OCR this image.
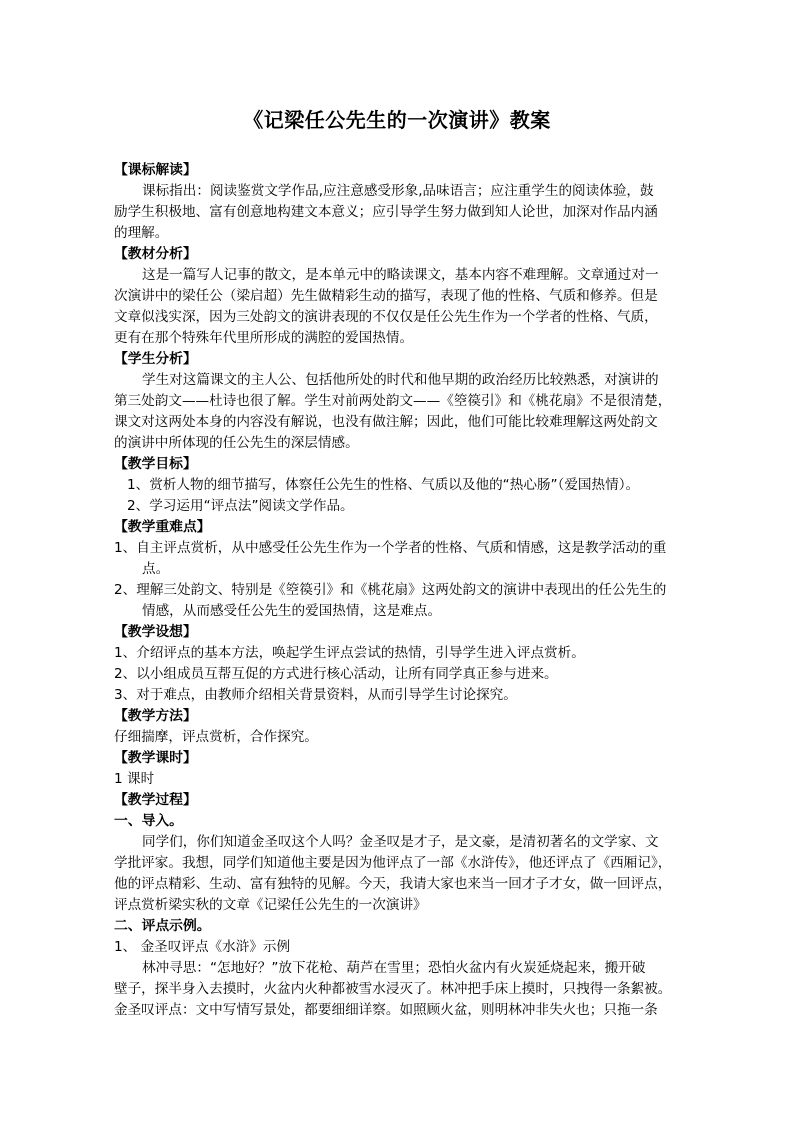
《记梁任公先生的一次演讲》教案
【课标解读】
课标指出：阅读鉴赏文学作品,应注意感受形象,品味语言；应注重学生的阅读体验，鼓
励学生积极地、富有创意地构建文本意义；应引导学生努力做到知人论世，加深对作品内涵
的理解。
【教材分析】
这是一篇写人记事的散文，是本单元中的略读课文，基本内容不难理解。文章通过对一
次演讲中的梁任公（梁启超）先生做精彩生动的描写，表现了他的性格、气质和修养。但是
文章似浅实深，因为三处韵文的演讲表现的不仅仅是任公先生作为一个学者的性格、气质，
更有在那个特殊年代里所形成的满腔的爱国热情。
【学生分析】
学生对这篇课文的主人公、包括他所处的时代和他早期的政治经历比较熟悉，对演讲的
第三处韵文——杜诗也很了解。学生对前两处韵文——《箜篌引》和《桃花扇》不是很清楚，
课文对这两处本身的内容没有解说，也没有做注解；因此，他们可能比较难理解这两处韵文
的演讲中所体现的任公先生的深层情感。
【教学目标】
1、赏析人物的细节描写，体察任公先生的性格、气质以及他的“热心肠”（爱国热情）。
2、学习运用“评点法”阅读文学作品。
【教学重难点】
1、自主评点赏析，从中感受任公先生作为一个学者的性格、气质和情感，这是教学活动的重
点。
2、理解三处韵文、特别是《箜篌引》和《桃花扇》这两处韵文的演讲中表现出的任公先生的
情感，从而感受任公先生的爱国热情，这是难点。
【教学设想】
1、介绍评点的基本方法，唤起学生评点尝试的热情，引导学生进入评点赏析。
2、以小组成员互帮互促的方式进行核心活动，让所有同学真正参与进来。
3、对于难点，由教师介绍相关背景资料，从而引导学生讨论探究。
【教学方法】
仔细揣摩，评点赏析，合作探究。
【教学课时】
1 课时
【教学过程】
一、导入。
同学们，你们知道金圣叹这个人吗？金圣叹是才子，是文豪，是清初著名的文学家、文
学批评家。我想，同学们知道他主要是因为他评点了一部《水浒传》，他还评点了《西厢记》，
他的评点精彩、生动、富有独特的见解。今天，我请大家也来当一回才子才女，做一回评点，
评点赏析梁实秋的文章《记梁任公先生的一次演讲》
二、评点示例。
1、 金圣叹评点《水浒》示例
林冲寻思：“怎地好？”放下花枪、葫芦在雪里；恐怕火盆内有火炭延烧起来，搬开破
壁子，探半身入去摸时，火盆内火种都被雪水浸灭了。林冲把手床上摸时，只拽得一条絮被。
金圣叹评点：文中写情写景处，都要细细详察。如照顾火盆，则明林冲非失火也；只拖一条
